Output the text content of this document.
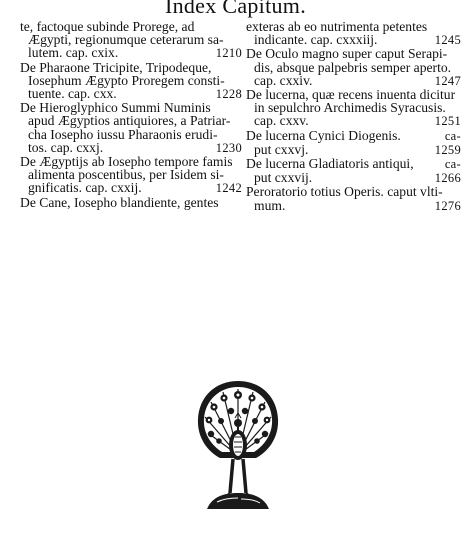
Index Capitum.
te, factoque subinde Prorege, ad
Ægypti, regionumque ceterarum sa-
lutem. cap. cxix.	1210
De Pharaone Tricipite, Tripodeque,
Iosephum Ægypto Proregem consti-
tuente. cap. cxx.	1228
De Hieroglyphico Summi Numinis
apud Ægyptios antiquiores, a Patriar-
cha Iosepho iussu Pharaonis erudi-
tos. cap. cxxj.	1230
De Ægyptijs ab Iosepho tempore famis
alimenta poscentibus, per Isidem si-
gnificatis. cap. cxxij.	1242
De Cane, Iosepho blandiente, gentes
exteras ab eo nutrimenta petentes
indicante. cap. cxxxiij.	1245
De Oculo magno super caput Serapi-
dis, absque palpebris semper aperto.
cap. cxxiv.	1247
De lucerna, quæ recens inuenta dicitur
in sepulchro Archimedis Syracusis.
cap. cxxv.	1251
De lucerna Cynici Diogenis.	ca-
put cxxvj.	1259
De lucerna Gladiatoris antiqui, ca-
put cxxvij.	1266
Peroratorio totius Operis. caput vlti-
mum.	1276
